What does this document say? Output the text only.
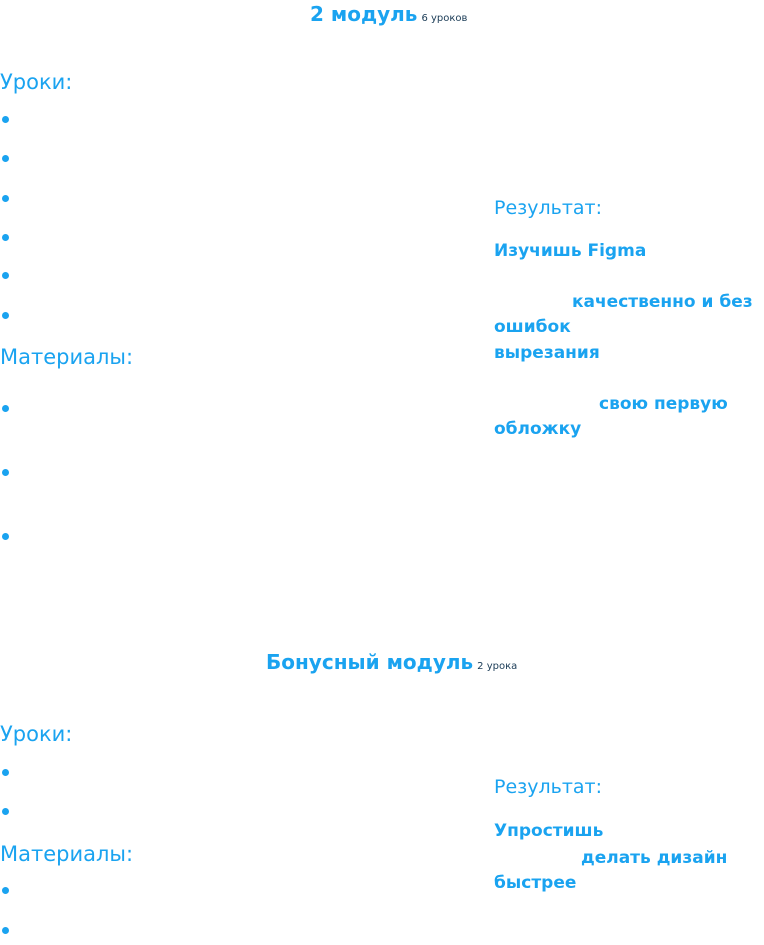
2 модуль 6 уроков
Уроки:
Материалы:
Результат:
Изучишь Figma
качественно и без
ошибок
вырезания
свою первую
обложку
Бонусный модуль 2 урока
Уроки:
Материалы:
Результат:
Упростишь
делать дизайн
быстрее
